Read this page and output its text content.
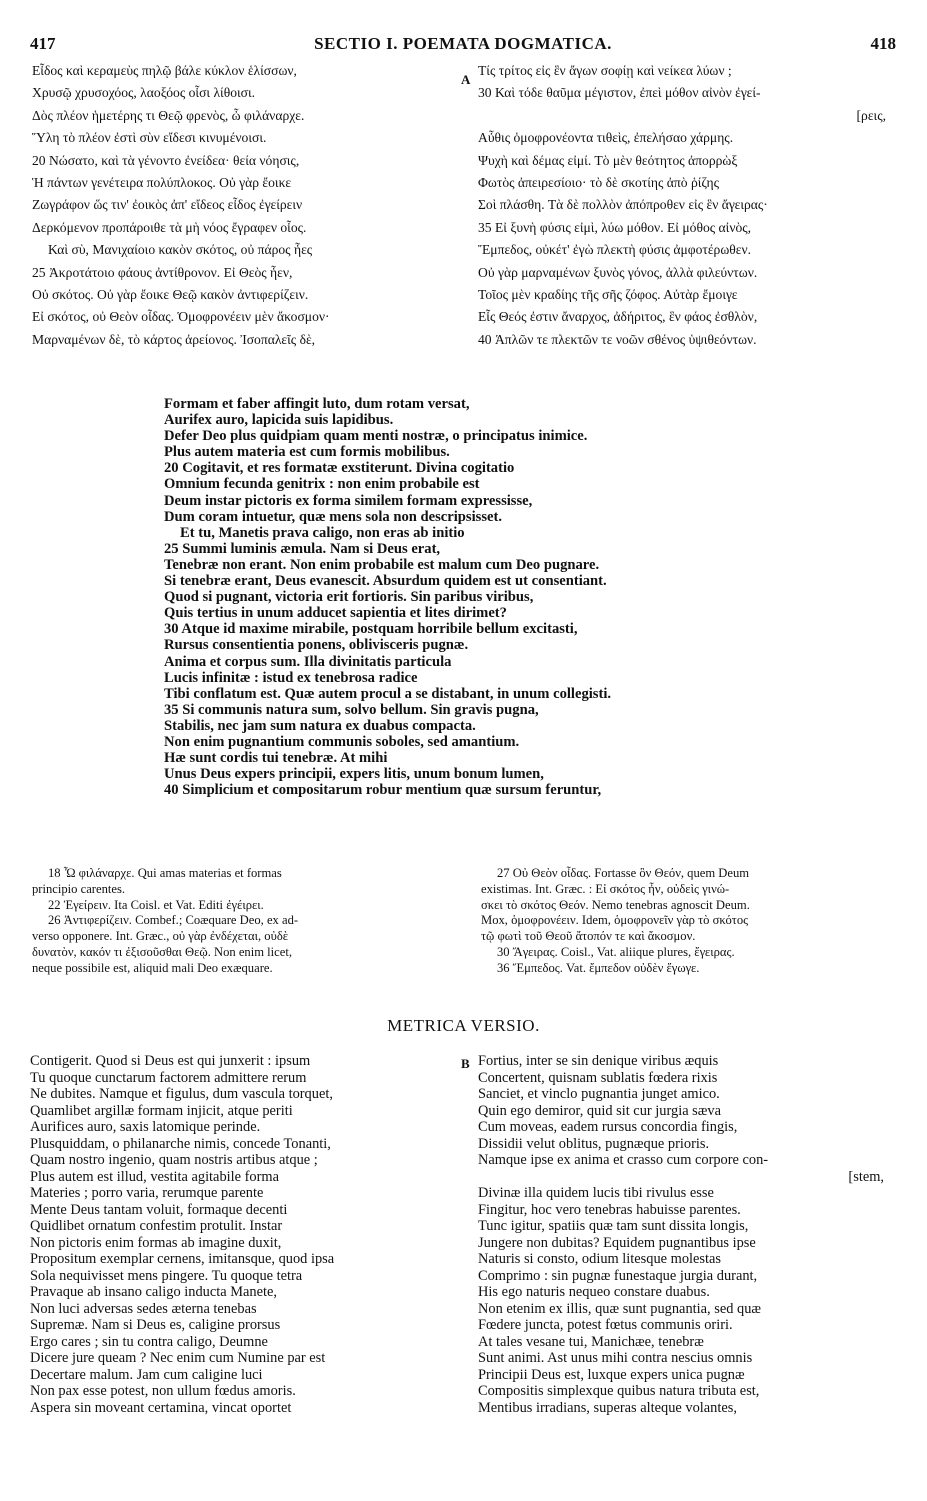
SECTIO I. POEMATA DOGMATICA.
417	418
Εἶδος καὶ κεραμεὺς πηλῷ βάλε κύκλον ἑλίσσων,
Χρυσῷ χρυσοχόος, λαοξόος οἷσι λίθοισι.
Δὸς πλέον ἡμετέρης τι Θεῷ φρενὸς, ὦ φιλάναρχε.
Ὕλη τὸ πλέον ἐστὶ σὺν εἴδεσι κινυμένοισι.
20 Νώσατο, καὶ τὰ γένοντο ἐνείδεα· θεία νόησις,
Ἡ πάντων γενέτειρα πολύπλοκος. Οὐ γὰρ ἔοικε
Ζωγράφον ὥς τιν' ἐοικὸς ἀπ' εἴδεος εἶδος ἐγείρειν
Δερκόμενον προπάροιθε τὰ μὴ νόος ἔγραφεν οἷος.
Καὶ σὺ, Μανιχαίοιο κακὸν σκότος, οὐ πάρος ἦες
25 Ἀκροτάτοιο φάους ἀντίθρονον. Εἰ Θεὸς ἦεν,
Οὐ σκότος. Οὐ γὰρ ἔοικε Θεῷ κακὸν ἀντιφερίζειν.
Εἰ σκότος, οὐ Θεὸν οἶδας. Ὁμοφρονέειν μὲν ἄκοσμον·
Μαρναμένων δὲ, τὸ κάρτος ἀρείονος. Ἰσοπαλεῖς δὲ,
A
Τίς τρίτος εἰς ἓν ἄγων σοφίῃ καὶ νείκεα λύων ;
30 Καὶ τόδε θαῦμα μέγιστον, ἐπεὶ μόθον αἰνὸν ἐγεί-
[ρεις,
Αὖθις ὁμοφρονέοντα τιθεὶς, ἐπελήσαο χάρμης.
Ψυχὴ καὶ δέμας εἰμί. Τὸ μὲν θεότητος ἀπορρὼξ
Φωτὸς ἀπειρεσίοιο· τὸ δὲ σκοτίης ἀπὸ ῥίζης
Σοὶ πλάσθη. Τὰ δὲ πολλὸν ἀπόπροθεν εἰς ἓν ἄγειρας·
35 Εἰ ξυνὴ φύσις εἰμὶ, λύω μόθον. Εἰ μόθος αἰνὸς,
Ἔμπεδος, οὐκέτ' ἐγὼ πλεκτὴ φύσις ἀμφοτέρωθεν.
Οὐ γὰρ μαρναμένων ξυνὸς γόνος, ἀλλὰ φιλεύντων.
Τοῖος μὲν κραδίης τῆς σῆς ζόφος. Αὐτὰρ ἔμοιγε
Εἷς Θεός ἐστιν ἄναρχος, ἀδήριτος, ἓν φάος ἐσθλὸν,
40 Ἁπλῶν τε πλεκτῶν τε νοῶν σθένος ὑψιθεόντων.
Formam et faber affingit luto, dum rotam versat,
Aurifex auro, lapicida suis lapidibus.
Defer Deo plus quidpiam quam menti nostræ, o principatus inimice.
Plus autem materia est cum formis mobilibus.
20 Cogitavit, et res formatæ exstiterunt. Divina cogitatio
Omnium fecunda genitrix : non enim probabile est
Deum instar pictoris ex forma similem formam expressisse,
Dum coram intuetur, quæ mens sola non descripsisset.
Et tu, Manetis prava caligo, non eras ab initio
25 Summi luminis æmula. Nam si Deus erat,
Tenebræ non erant. Non enim probabile est malum cum Deo pugnare.
Si tenebræ erant, Deus evanescit. Absurdum quidem est ut consentiant.
Quod si pugnant, victoria erit fortioris. Sin paribus viribus,
Quis tertius in unum adducet sapientia et lites dirimet?
30 Atque id maxime mirabile, postquam horribile bellum excitasti,
Rursus consentientia ponens, oblivisceris pugnæ.
Anima et corpus sum. Illa divinitatis particula
Lucis infinitæ : istud ex tenebrosa radice
Tibi conflatum est. Quæ autem procul a se distabant, in unum collegisti.
35 Si communis natura sum, solvo bellum. Sin gravis pugna,
Stabilis, nec jam sum natura ex duabus compacta.
Non enim pugnantium communis soboles, sed amantium.
Hæ sunt cordis tui tenebræ. At mihi
Unus Deus expers principii, expers litis, unum bonum lumen,
40 Simplicium et compositarum robur mentium quæ sursum feruntur,
18 Ὦ φιλάναρχε. Qui amas materias et formas
principio carentes.
22 Ἐγείρειν. Ita Coisl. et Vat. Editi ἐγέιρει.
26 Ἀντιφερίζειν. Combef.; Coæquare Deo, ex ad-
verso opponere. Int. Græc., οὐ γὰρ ἐνδέχεται, οὐδὲ
δυνατὸν, κακόν τι ἐξισοῦσθαι Θεῷ. Non enim licet,
neque possibile est, aliquid mali Deo exæquare.
27 Οὐ Θεὸν οἶδας. Fortasse ὃν Θεόν, quem Deum
existimas. Int. Græc. : Εἰ σκότος ἦν, οὐδεὶς γινώ-
σκει τὸ σκότος Θεόν. Nemo tenebras agnoscit Deum.
Mox, ὁμοφρονέειν. Idem, ὁμοφρονεῖν γὰρ τὸ σκότος
τῷ φωτὶ τοῦ Θεοῦ ἄτοπόν τε καὶ ἄκοσμον.
30 Ἄγειρας. Coisl., Vat. aliique plures, ἔγειρας.
36 Ἔμπεδος. Vat. ἔμπεδον οὐδὲν ἔγωγε.
METRICA VERSIO.
Contigerit. Quod si Deus est qui junxerit : ipsum
Tu quoque cunctarum factorem admittere rerum
Ne dubites. Namque et figulus, dum vascula torquet,
Quamlibet argillæ formam injicit, atque periti
Aurifices auro, saxis latomique perinde.
Plusquiddam, o philanarche nimis, concede Tonanti,
Quam nostro ingenio, quam nostris artibus atque ;
Plus autem est illud, vestita agitabile forma
Materies ; porro varia, rerumque parente
Mente Deus tantam voluit, formaque decenti
Quidlibet ornatum confestim protulit. Instar
Non pictoris enim formas ab imagine duxit,
Propositum exemplar cernens, imitansque, quod ipsa
Sola nequivisset mens pingere. Tu quoque tetra
Pravaque ab insano caligo inducta Manete,
Non luci adversas sedes æterna tenebas
Supremæ. Nam si Deus es, caligine prorsus
Ergo cares ; sin tu contra caligo, Deumne
Dicere jure queam ? Nec enim cum Numine par est
Decertare malum. Jam cum caligine luci
Non pax esse potest, non ullum fœdus amoris.
Aspera sin moveant certamina, vincat oportet
B Fortius, inter se sin denique viribus æquis
Concertent, quisnam sublatis fœdera rixis
Sanciet, et vinclo pugnantia junget amico.
Quin ego demiror, quid sit cur jurgia sæva
Cum moveas, eadem rursus concordia fingis,
Dissidii velut oblitus, pugnæque prioris.
Namque ipse ex anima et crasso cum corpore con-
[stem,
Divinæ illa quidem lucis tibi rivulus esse
Fingitur, hoc vero tenebras habuisse parentes.
Tunc igitur, spatiis quæ tam sunt dissita longis,
Jungere non dubitas? Equidem pugnantibus ipse
Naturis si consto, odium litesque molestas
Comprimo : sin pugnæ funestaque jurgia durant,
His ego naturis nequeo constare duabus.
Non etenim ex illis, quæ sunt pugnantia, sed quæ
Fœdere juncta, potest fœtus communis oriri.
At tales vesane tui, Manichæe, tenebræ
Sunt animi. Ast unus mihi contra nescius omnis
Principii Deus est, luxque expers unica pugnæ
Compositis simplexque quibus natura tributa est,
Mentibus irradians, superas alteque volantes,
